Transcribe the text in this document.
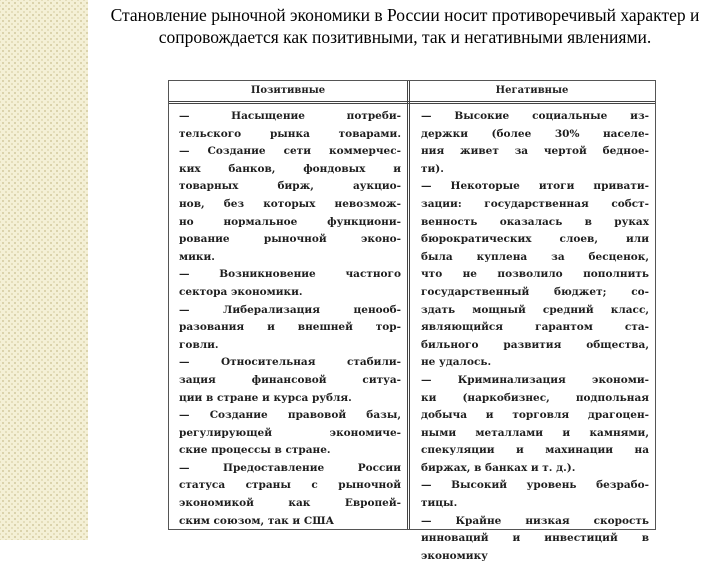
Становление рыночной экономики в России носит противоречивый характер и сопровождается как позитивными, так и негативными явлениями.
Позитивные	Негативные
— Насыщение потреби-
тельского рынка товарами.
— Создание сети коммерчес-
ких банков, фондовых и
товарных бирж, аукцио-
нов, без которых невозмож-
но нормальное функциони-
рование рыночной эконо-
мики.
— Возникновение частного
сектора экономики.
— Либерализация ценооб-
разования и внешней тор-
говли.
— Относительная стабили-
зация финансовой ситуа-
ции в стране и курса рубля.
— Создание правовой базы,
регулирующей экономиче-
ские процессы в стране.
— Предоставление России
статуса страны с рыночной
экономикой как Европей-
ским союзом, так и США
— Высокие социальные из-
держки (более 30% населе-
ния живет за чертой бедное-
ти).
— Некоторые итоги привати-
зации: государственная собст-
венность оказалась в руках
бюрократических слоев, или
была куплена за бесценок,
что не позволило пополнить
государственный бюджет; со-
здать мощный средний класс,
являющийся гарантом ста-
бильного развития общества,
не удалось.
— Криминализация экономи-
ки (наркобизнес, подпольная
добыча и торговля драгоцен-
ными металлами и камнями,
спекуляции и махинации на
биржах, в банках и т. д.).
— Высокий уровень безрабо-
тицы.
— Крайне низкая скорость
инноваций и инвестиций в
экономику
